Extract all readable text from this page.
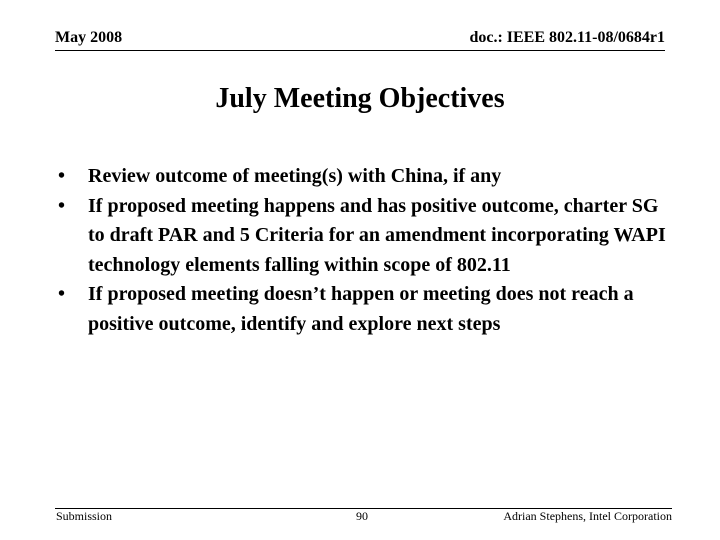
May 2008	doc.: IEEE 802.11-08/0684r1
July Meeting Objectives
• Review outcome of meeting(s) with China, if any
• If proposed meeting happens and has positive outcome, charter SG to draft PAR and 5 Criteria for an amendment incorporating WAPI technology elements falling within scope of 802.11
• If proposed meeting doesn’t happen or meeting does not reach a positive outcome, identify and explore next steps
Submission	90	Adrian Stephens, Intel Corporation
